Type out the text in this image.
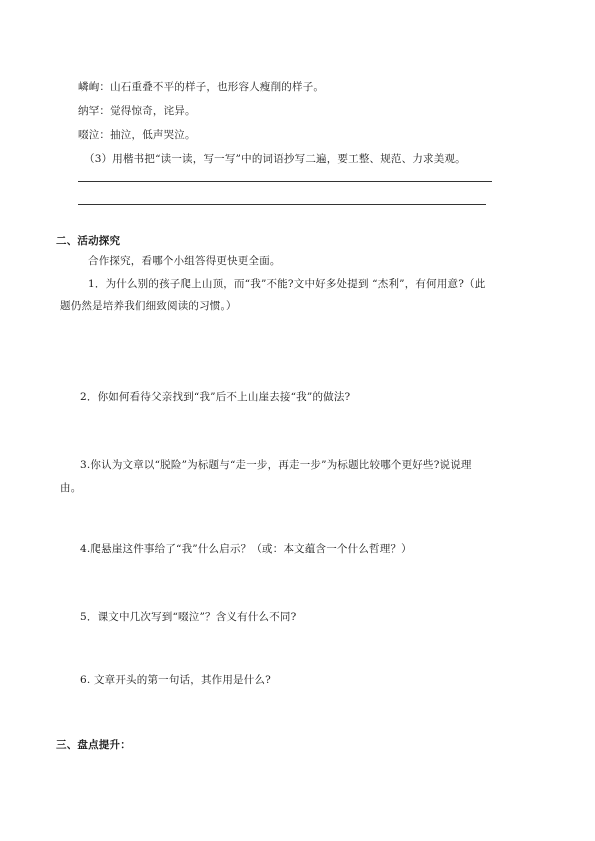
嶙峋：山石重叠不平的样子，也形容人瘦削的样子。
纳罕：觉得惊奇，诧异。
啜泣：抽泣，低声哭泣。
（3）用楷书把“读一读，写一写”中的词语抄写二遍，要工整、规范、力求美观。
二、活动探究
合作探究，看哪个小组答得更快更全面。
1．为什么别的孩子爬上山顶，而“我”不能?文中好多处提到 “杰利”，有何用意?（此
题仍然是培养我们细致阅读的习惯。）
2．你如何看待父亲找到“我”后不上山崖去接“我”的做法?
3.你认为文章以“脱险”为标题与“走一步，再走一步”为标题比较哪个更好些?说说理
由。
4.爬悬崖这件事给了“我”什么启示？（或：本文蕴含一个什么哲理？）
5．课文中几次写到“啜泣”？含义有什么不同?
6. 文章开头的第一句话，其作用是什么?
三、盘点提升：
